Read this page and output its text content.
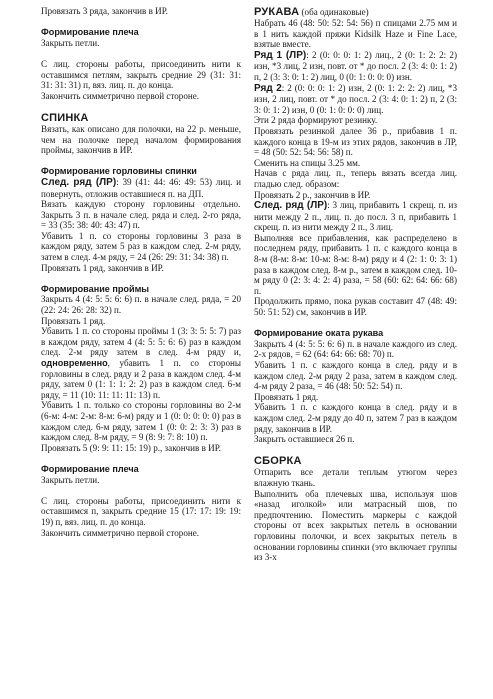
Провязать 3 ряда, закончив в ИР.

Формирование плеча

Закрыть петли.

С лиц. стороны работы, присоединить нити к оставшимся петлям, закрыть средние 29 (31: 31: 31: 31: 31) п, вяз. лиц. п. до конца.

Закончить симметрично первой стороне.

СПИНКА

Вязать, как описано для полочки, на 22 р. меньше, чем на полочке перед началом формирования проймы, закончив в ИР.

Формирование горловины спинки

След. ряд (ЛР): 39 (41: 44: 46: 49: 53) лиц. и повернуть, отложив оставшиеся п. на ДП.

Вязать каждую сторону горловины отдельно.

Закрыть 3 п. в начале след. ряда и след. 2-го ряда, = 33 (35: 38: 40: 43: 47) п.

Убавить 1 п. со стороны горловины 3 раза в каждом ряду, затем 5 раз в каждом след. 2-м ряду, затем в след. 4-м ряду, = 24 (26: 29: 31: 34: 38) п.

Провязать 1 ряд, закончив в ИР.

Формирование проймы

Закрыть 4 (4: 5: 5: 6: 6) п. в начале след. ряда, = 20 (22: 24: 26: 28: 32) п.

Провязать 1 ряд.

Убавить 1 п. со стороны проймы 1 (3: 3: 5: 5: 7) раз в каждом ряду, затем 4 (4: 5: 5: 6: 6) раз в каждом след. 2-м ряду затем в след. 4-м ряду и, одновременно, убавить 1 п. со стороны горловины в след. ряду и 2 раза в каждом след. 4-м ряду, затем 0 (1: 1: 1: 2: 2) раз в каждом след. 6-м ряду, = 11 (10: 11: 11: 11: 13) п.

Убавить 1 п. только со стороны горловины во 2-м (6-м: 4-м: 2-м: 8-м: 6-м) ряду и 1 (0: 0: 0: 0: 0) раз в каждом след. 6-м ряду, затем 1 (0: 0: 2: 3: 3) раз в каждом след. 8-м ряду, = 9 (8: 9: 7: 8: 10) п.

Провязать 5 (9: 9: 11: 15: 19) р., закончив в ИР.

Формирование плеча

Закрыть петли.

С лиц. стороны работы, присоединить нити к оставшимся п, закрыть средние 15 (17: 17: 19: 19: 19) п, вяз. лиц. п. до конца.

Закончить симметрично первой стороне.

РУКАВА (оба одинаковые)

Набрать 46 (48: 50: 52: 54: 56) п спицами 2.75 мм и в 1 нить каждой пряжи Kidsilk Haze и Fine Lace, взятые вместе.

Ряд 1 (ЛР): 2 (0: 0: 0: 1: 2) лиц., 2 (0: 1: 2: 2: 2) изн, *3 лиц, 2 изн, повт. от * до посл. 2 (3: 4: 0: 1: 2) п, 2 (3: 3: 0: 1: 2) лиц, 0 (0: 1: 0: 0: 0) изн.

Ряд 2: 2 (0: 0: 0: 1: 2) изн, 2 (0: 1: 2: 2: 2) лиц, *3 изн, 2 лиц, повт. от * до посл. 2 (3: 4: 0: 1: 2) п, 2 (3: 3: 0: 1: 2) изн, 0 (0: 1: 0: 0: 0) лиц.

Эти 2 ряда формируют резинку.

Провязать резинкой далее 36 р., прибавив 1 п. каждого конца в 19-м из этих рядов, закончив в ЛР, = 48 (50: 52: 54: 56: 58) п.

Сменить на спицы 3.25 мм.

Начав с ряда лиц. п., теперь вязать всегда лиц. гладью след. образом:

Провязать 2 р., закончив в ИР.

След. ряд (ЛР): 3 лиц, прибавить 1 скрещ. п. из нити между 2 п., лиц. п. до посл. 3 п, прибавить 1 скрещ. п. из нити между 2 п., 3 лиц.

Выполняя все прибавления, как распределено в последнем ряду, прибавить 1 п. с каждого конца в 8-м (8-м: 8-м: 10-м: 8-м: 8-м) ряду и 4 (2: 1: 0: 3: 1) раза в каждом след. 8-м р., затем в каждом след. 10-м ряду 0 (2: 3: 4: 2: 4) раза, = 58 (60: 62: 64: 66: 68) п.

Продолжить прямо, пока рукав составит 47 (48: 49: 50: 51: 52) см, закончив в ИР.

Формирование оката рукава

Закрыть 4 (4: 5: 5: 6: 6) п. в начале каждого из след. 2-х рядов, = 62 (64: 64: 66: 68: 70) п.

Убавить 1 п. с каждого конца в след. ряду и в каждом след. 2-м ряду 2 раза, затем в каждом след. 4-м ряду 2 раза, = 46 (48: 50: 52: 54) п.

Провязать 1 ряд.

Убавить 1 п. с каждого конца в след. ряду и в каждом след. 2-м ряду до 40 п, затем 7 раз в каждом ряду, закончив в ИР.

Закрыть оставшиеся 26 п.

СБОРКА

Отпарить все детали теплым утюгом через влажную ткань.

Выполнить оба плечевых шва, используя шов «назад иголкой» или матрасный шов, по предпочтению. Поместить маркеры с каждой стороны от всех закрытых петель в основании горловины полочки, и всех закрытых петель в основании горловины спинки (это включает группы из 3-х
